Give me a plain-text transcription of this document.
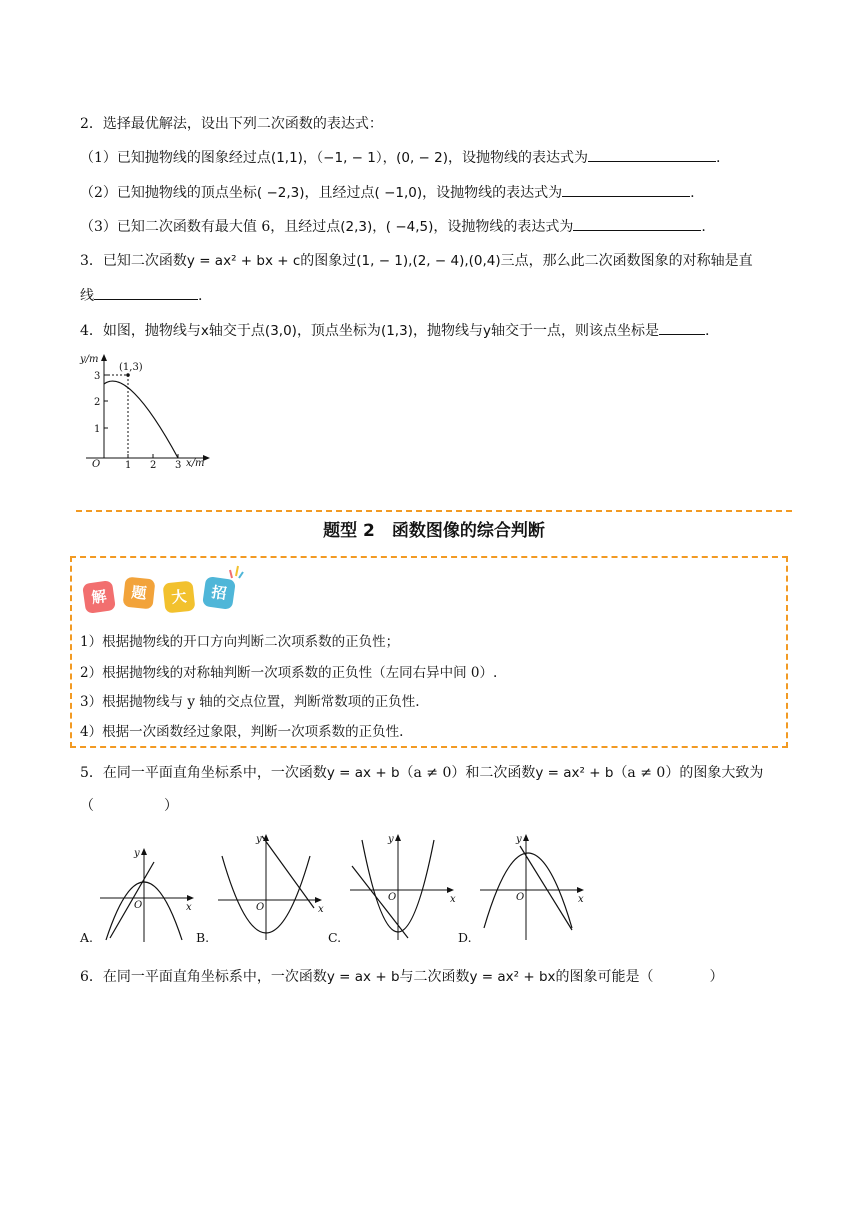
2．选择最优解法，设出下列二次函数的表达式：
（1）已知抛物线的图象经过点(1,1)，（−1, − 1），(0, − 2)，设抛物线的表达式为	.
（2）已知抛物线的顶点坐标( −2,3)，且经过点( −1,0)，设抛物线的表达式为	.
（3）已知二次函数有最大值 6，且经过点(2,3)，( −4,5)，设抛物线的表达式为	.
3．已知二次函数y = ax² + bx + c的图象过(1, − 1),(2, − 4),(0,4)三点，那么此二次函数图象的对称轴是直
线	.
4．如图，抛物线与x轴交于点(3,0)，顶点坐标为(1,3)，抛物线与y轴交于一点，则该点坐标是	.
y/m
x/m
O 1 2 3
1
2
3
(1,3)
题型 2　函数图像的综合判断
解	题	大	招
1）根据抛物线的开口方向判断二次项系数的正负性；
2）根据抛物线的对称轴判断一次项系数的正负性（左同右异中间 0）.
3）根据抛物线与 y 轴的交点位置，判断常数项的正负性.
4）根据一次函数经过象限，判断一次项系数的正负性.
5．在同一平面直角坐标系中，一次函数y = ax + b（a ≠ 0）和二次函数y = ax² + b（a ≠ 0）的图象大致为
（　　　　　）
x
y
O
A.
x
y
O
B.
x
y
O
C.
x
y
O
D.
6．在同一平面直角坐标系中，一次函数y = ax + b与二次函数y = ax² + bx的图象可能是（　　　　）
